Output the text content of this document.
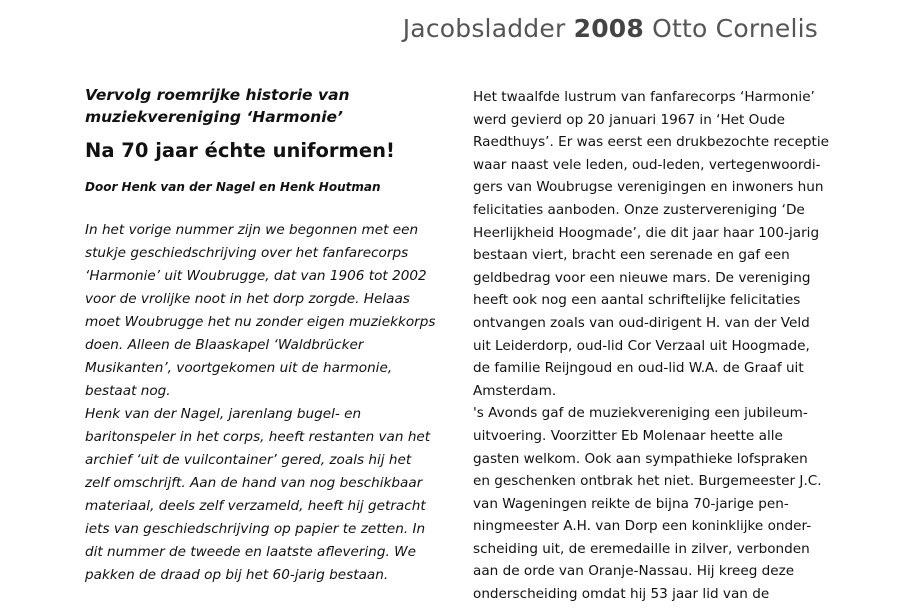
Jacobsladder 2008 Otto Cornelis

Vervolg roemrijke historie van
muziekvereniging ‘Harmonie’

Na 70 jaar échte uniformen!

Door Henk van der Nagel en Henk Houtman

In het vorige nummer zijn we begonnen met een
stukje geschiedschrijving over het fanfarecorps
‘Harmonie’ uit Woubrugge, dat van 1906 tot 2002
voor de vrolijke noot in het dorp zorgde. Helaas
moet Woubrugge het nu zonder eigen muziekkorps
doen. Alleen de Blaaskapel ‘Waldbrücker
Musikanten’, voortgekomen uit de harmonie,
bestaat nog.
Henk van der Nagel, jarenlang bugel- en
baritonspeler in het corps, heeft restanten van het
archief ‘uit de vuilcontainer’ gered, zoals hij het
zelf omschrijft. Aan de hand van nog beschikbaar
materiaal, deels zelf verzameld, heeft hij getracht
iets van geschiedschrijving op papier te zetten. In
dit nummer de tweede en laatste aflevering. We
pakken de draad op bij het 60-jarig bestaan.
Het twaalfde lustrum van fanfarecorps ‘Harmonie’
werd gevierd op 20 januari 1967 in ‘Het Oude
Raedthuys’. Er was eerst een drukbezochte receptie
waar naast vele leden, oud-leden, vertegenwoordi-
gers van Woubrugse verenigingen en inwoners hun
felicitaties aanboden. Onze zustervereniging ‘De
Heerlijkheid Hoogmade’, die dit jaar haar 100-jarig
bestaan viert, bracht een serenade en gaf een
geldbedrag voor een nieuwe mars. De vereniging
heeft ook nog een aantal schriftelijke felicitaties
ontvangen zoals van oud-dirigent H. van der Veld
uit Leiderdorp, oud-lid Cor Verzaal uit Hoogmade,
de familie Reijngoud en oud-lid W.A. de Graaf uit
Amsterdam.
's Avonds gaf de muziekvereniging een jubileum-
uitvoering. Voorzitter Eb Molenaar heette alle
gasten welkom. Ook aan sympathieke lofspraken
en geschenken ontbrak het niet. Burgemeester J.C.
van Wageningen reikte de bijna 70-jarige pen-
ningmeester A.H. van Dorp een koninklijke onder-
scheiding uit, de eremedaille in zilver, verbonden
aan de orde van Oranje-Nassau. Hij kreeg deze
onderscheiding omdat hij 53 jaar lid van de
